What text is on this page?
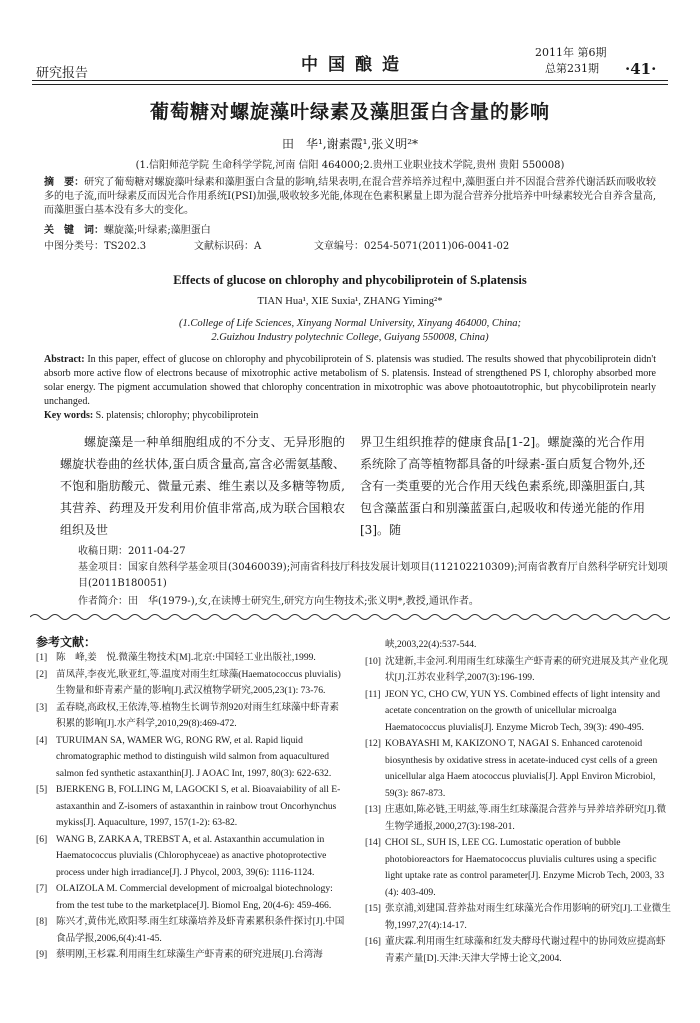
研究报告	中国酿造
2011年 第6期
总第231期 ·41·
葡萄糖对螺旋藻叶绿素及藻胆蛋白含量的影响
田　华¹,谢素霞¹,张义明²*
(1.信阳师范学院 生命科学学院,河南 信阳 464000;2.贵州工业职业技术学院,贵州 贵阳 550008)
摘　要：研究了葡萄糖对螺旋藻叶绿素和藻胆蛋白含量的影响,结果表明,在混合营养培养过程中,藻胆蛋白并不因混合营养代谢活跃而吸收较多的电子流,而叶绿素反而因光合作用系统Ⅰ(PSⅠ)加强,吸收较多光能,体现在色素积累量上即为混合营养分批培养中叶绿素较光合自养含量高,而藻胆蛋白基本没有多大的变化。
关　键　词：螺旋藻;叶绿素;藻胆蛋白
中图分类号：TS202.3	文献标识码：A	文章编号：0254-5071(2011)06-0041-02
Effects of glucose on chlorophy and phycobiliprotein of S.platensis
TIAN Hua¹, XIE Suxia¹, ZHANG Yiming²*
(1.College of Life Sciences, Xinyang Normal University, Xinyang 464000, China;
2.Guizhou Industry polytechnic College, Guiyang 550008, China)
Abstract: In this paper, effect of glucose on chlorophy and phycobiliprotein of S. platensis was studied. The results showed that phycobiliprotein didn't absorb more active flow of electrons because of mixotrophic active metabolism of S. platensis. Instead of strengthened PS I, chlorophy absorbed more solar energy. The pigment accumulation showed that chlorophy concentration in mixotrophic was above photoautotrophic, but phycobiliprotein nearly unchanged.
Key words: S. platensis; chlorophy; phycobiliprotein
螺旋藻是一种单细胞组成的不分支、无异形胞的螺旋状卷曲的丝状体,蛋白质含量高,富含必需氨基酸、不饱和脂肪酸元、微量元素、维生素以及多糖等物质,其营养、药理及开发利用价值非常高,成为联合国粮农组织及世
界卫生组织推荐的健康食品[1-2]。螺旋藻的光合作用系统除了高等植物都具备的叶绿素-蛋白质复合物外,还含有一类重要的光合作用天线色素系统,即藻胆蛋白,其包含藻蓝蛋白和别藻蓝蛋白,起吸收和传递光能的作用[3]。随
收稿日期：2011-04-27
基金项目：国家自然科学基金项目(30460039);河南省科技厅科技发展计划项目(112102210309);河南省教育厅自然科学研究计划项目(2011B180051)
作者简介：田　华(1979-),女,在读博士研究生,研究方向生物技术;张义明*,教授,通讯作者。
参考文献：
[1] 陈　峰,姜　悦.微藻生物技术[M].北京:中国轻工业出版社,1999.
[2] 苗凤萍,李夜光,耿亚红,等.温度对雨生红球藻(Haematococcus pluvialis)生物量和虾青素产量的影响[J].武汉植物学研究,2005,23(1): 73-76.
[3] 孟春晓,高政权,王依涛,等.植物生长调节剂920对雨生红球藻中虾青素积累的影响[J].水产科学,2010,29(8):469-472.
[4] TURUIMAN SA, WAMER WG, RONG RW, et al. Rapid liquid chromatographic method to distinguish wild salmon from aquacultured salmon fed synthetic astaxanthin[J]. J AOAC Int, 1997, 80(3): 622-632.
[5] BJERKENG B, FOLLING M, LAGOCKI S, et al. Bioavaiability of all E-astaxanthin and Z-isomers of astaxanthin in rainbow trout Oncorhynchus mykiss[J]. Aquaculture, 1997, 157(1-2): 63-82.
[6] WANG B, ZARKA A, TREBST A, et al. Astaxanthin accumulation in Haematococcus pluvialis (Chlorophyceae) as anactive photoprotective process under high irradiance[J]. J Phycol, 2003, 39(6): 1116-1124.
[7] OLAIZOLA M. Commercial development of microalgal biotechnology: from the test tube to the marketplace[J]. Biomol Eng, 20(4-6): 459-466.
[8] 陈兴才,黄伟光,欧阳琴.雨生红球藻培养及虾青素累积条件探讨[J].中国食品学报,2006,6(4):41-45.
[9] 蔡明刚,王杉霖.利用雨生红球藻生产虾青素的研究进展[J].台湾海
峡,2003,22(4):537-544.
[10] 沈建新,丰金河.利用雨生红球藻生产虾青素的研究进展及其产业化现状[J].江苏农业科学,2007(3):196-199.
[11] JEON YC, CHO CW, YUN YS. Combined effects of light intensity and acetate concentration on the growth of unicellular microalga Haematococcus pluvialis[J]. Enzyme Microb Tech, 39(3): 490-495.
[12] KOBAYASHI M, KAKIZONO T, NAGAI S. Enhanced carotenoid biosynthesis by oxidative stress in acetate-induced cyst cells of a green unicellular alga Haem atococcus pluvialis[J]. Appl Environ Microbiol, 59(3): 867-873.
[13] 庄惠如,陈必链,王明兹,等.雨生红球藻混合营养与异养培养研究[J].微生物学通报,2000,27(3):198-201.
[14] CHOI SL, SUH IS, LEE CG. Lumostatic operation of bubble photobioreactors for Haematococcus pluvialis cultures using a specific light uptake rate as control parameter[J]. Enzyme Microb Tech, 2003, 33 (4): 403-409.
[15] 张京浦,刘建国.营养盐对雨生红球藻光合作用影响的研究[J].工业微生物,1997,27(4):14-17.
[16] 董庆霖.利用雨生红球藻和红发夫酵母代谢过程中的协同效应提高虾青素产量[D].天津:天津大学博士论文,2004.
